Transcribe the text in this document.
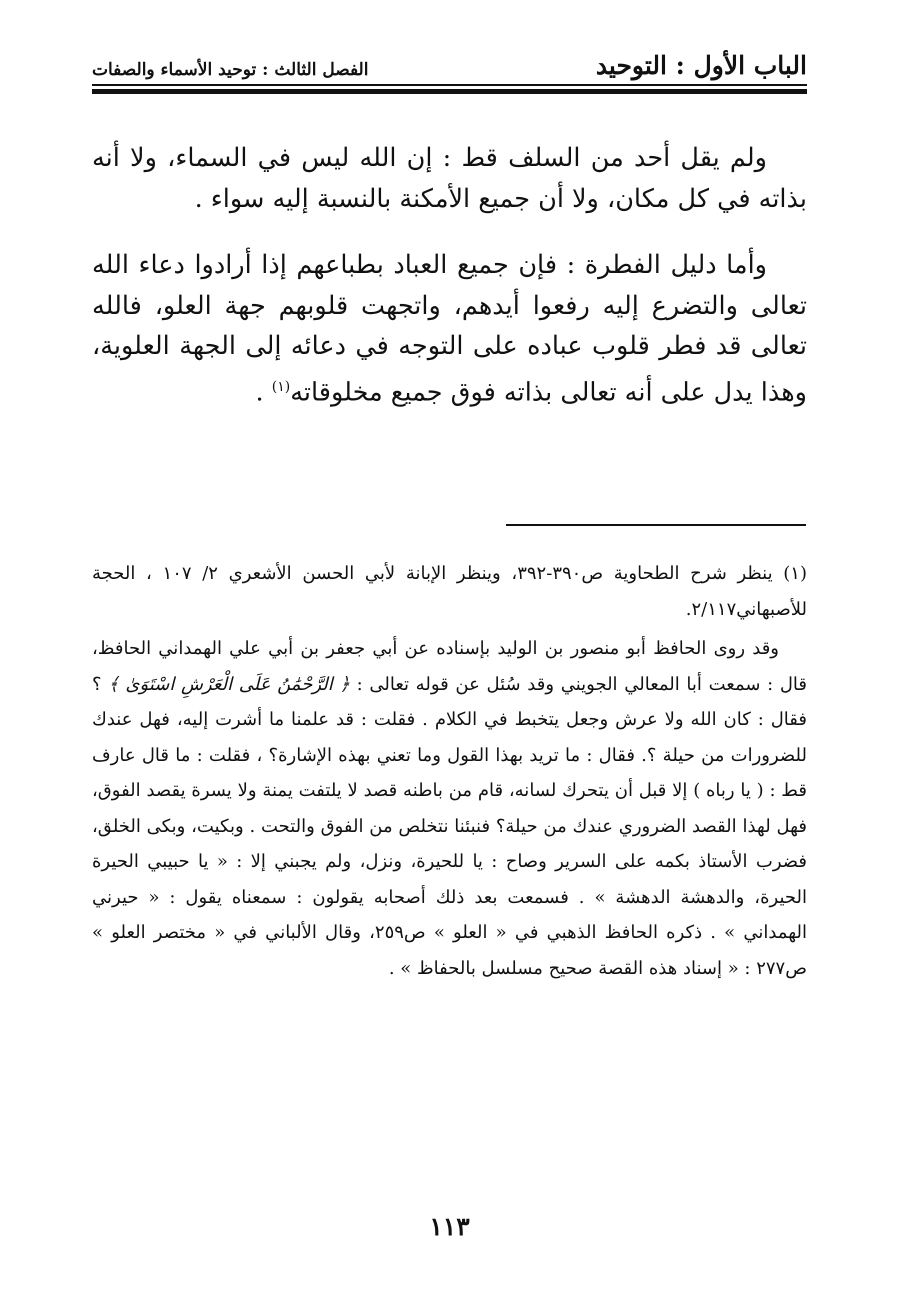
الباب الأول : التوحيد
الفصل الثالث : توحيد الأسماء والصفات

ولم يقل أحد من السلف قط : إن الله ليس في السماء، ولا أنه بذاته في كل مكان، ولا أن جميع الأمكنة بالنسبة إليه سواء .

وأما دليل الفطرة : فإن جميع العباد بطباعهم إذا أرادوا دعاء الله تعالى والتضرع إليه رفعوا أيدهم، واتجهت قلوبهم جهة العلو، فالله تعالى قد فطر قلوب عباده على التوجه في دعائه إلى الجهة العلوية، وهذا يدل على أنه تعالى بذاته فوق جميع مخلوقاته$^{(١)}$ .

(١) ينظر شرح الطحاوية ص٣٩٠-٣٩٢، وينظر الإبانة لأبي الحسن الأشعري ٢/ ١٠٧ ، الحجة للأصبهاني٢/١١٧.

وقد روى الحافظ أبو منصور بن الوليد بإسناده عن أبي جعفر بن أبي علي الهمداني الحافظ، قال : سمعت أبا المعالي الجويني وقد سُئل عن قوله تعالى : ﴿ الرَّحْمَٰنُ عَلَى الْعَرْشِ اسْتَوَىٰ ﴾ ؟ فقال : كان الله ولا عرش وجعل يتخبط في الكلام . فقلت : قد علمنا ما أشرت إليه، فهل عندك للضرورات من حيلة ؟. فقال : ما تريد بهذا القول وما تعني بهذه الإشارة؟ ، فقلت : ما قال عارف قط : ( يا رباه ) إلا قبل أن يتحرك لسانه، قام من باطنه قصد لا يلتفت يمنة ولا يسرة يقصد الفوق، فهل لهذا القصد الضروري عندك من حيلة؟ فنبئنا نتخلص من الفوق والتحت . وبكيت، وبكى الخلق، فضرب الأستاذ بكمه على السرير وصاح : يا للحيرة، ونزل، ولم يجبني إلا : « يا حبيبي الحيرة الحيرة، والدهشة الدهشة » . فسمعت بعد ذلك أصحابه يقولون : سمعناه يقول : « حيرني الهمداني » . ذكره الحافظ الذهبي في « العلو » ص٢٥٩، وقال الألباني في « مختصر العلو » ص٢٧٧ : « إسناد هذه القصة صحيح مسلسل بالحفاظ » .

١١٣
